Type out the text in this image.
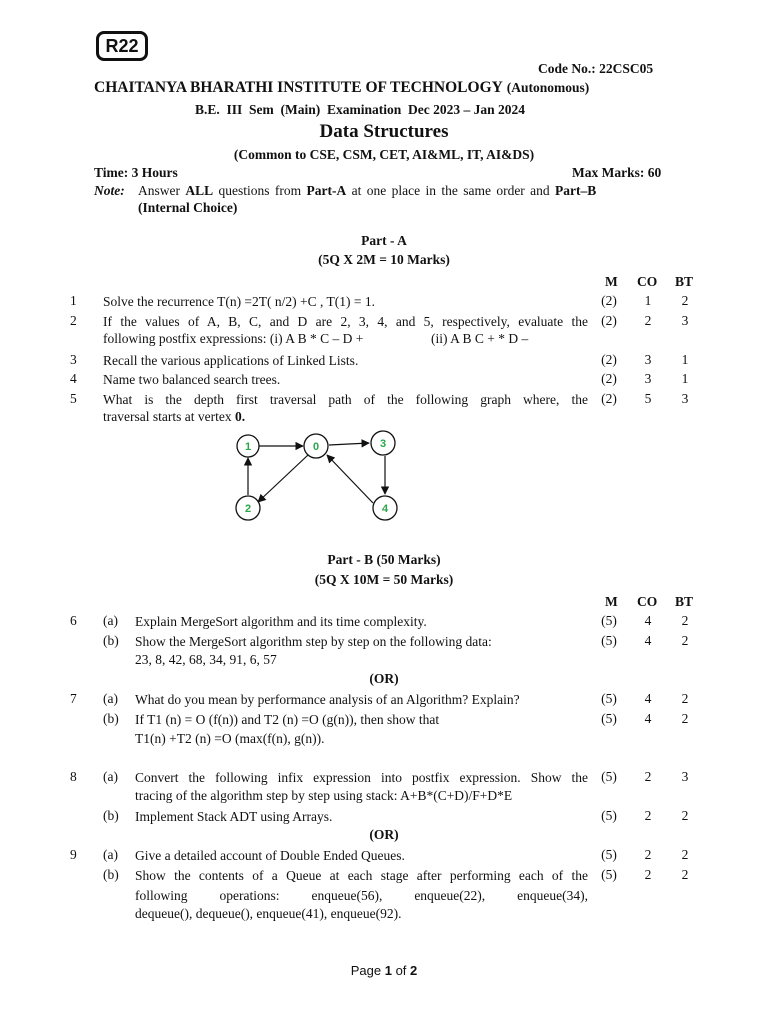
R22
Code No.: 22CSC05
CHAITANYA BHARATHI INSTITUTE OF TECHNOLOGY (Autonomous)
B.E.  III  Sem  (Main)  Examination  Dec 2023 – Jan 2024
Data Structures
(Common to CSE, CSM, CET, AI&ML, IT, AI&DS)
Time: 3 Hours	Max Marks: 60
Note: Answer ALL questions from Part-A at one place in the same order and Part–B
(Internal Choice)
Part - A
(5Q X 2M = 10 Marks)
M CO BT
1	Solve the recurrence T(n) =2T( n/2) +C , T(1) = 1.	(2)	1	2
2	If the values of A, B, C, and D are 2, 3, 4, and 5, respectively, evaluate the
following postfix expressions: (i) A B * C – D +	(ii) A B C + * D –
(2)	2	3
3	Recall the various applications of Linked Lists.	(2)	3	1
4	Name two balanced search trees.	(2)	3	1
5	What is the depth first traversal path of the following graph where, the
traversal starts at vertex 0.
(2)	5	3
1	0	3
2	4
Part - B (50 Marks)
(5Q X 10M = 50 Marks)
M CO BT
6	(a)	Explain MergeSort algorithm and its time complexity.	(5)	4	2
(b)	Show the MergeSort algorithm step by step on the following data:
23, 8, 42, 68, 34, 91, 6, 57
(5)	4	2
(OR)
7	(a)	What do you mean by performance analysis of an Algorithm? Explain?	(5)	4	2
(b)	If T1 (n) = O (f(n)) and T2 (n) =O (g(n)), then show that
T1(n) +T2 (n) =O (max(f(n), g(n)).
(5)	4	2
8	(a)	Convert the following infix expression into postfix expression. Show the
tracing of the algorithm step by step using stack: A+B*(C+D)/F+D*E
(5)	2	3
(b)	Implement Stack ADT using Arrays.	(5)	2	2
(OR)
9	(a)	Give a detailed account of Double Ended Queues.	(5)	2	2
(b)	Show the contents of a Queue at each stage after performing each of the
following    operations:    enqueue(56),    enqueue(22),    enqueue(34),
dequeue(), dequeue(), enqueue(41), enqueue(92).
(5)	2	2
Page 1 of 2
